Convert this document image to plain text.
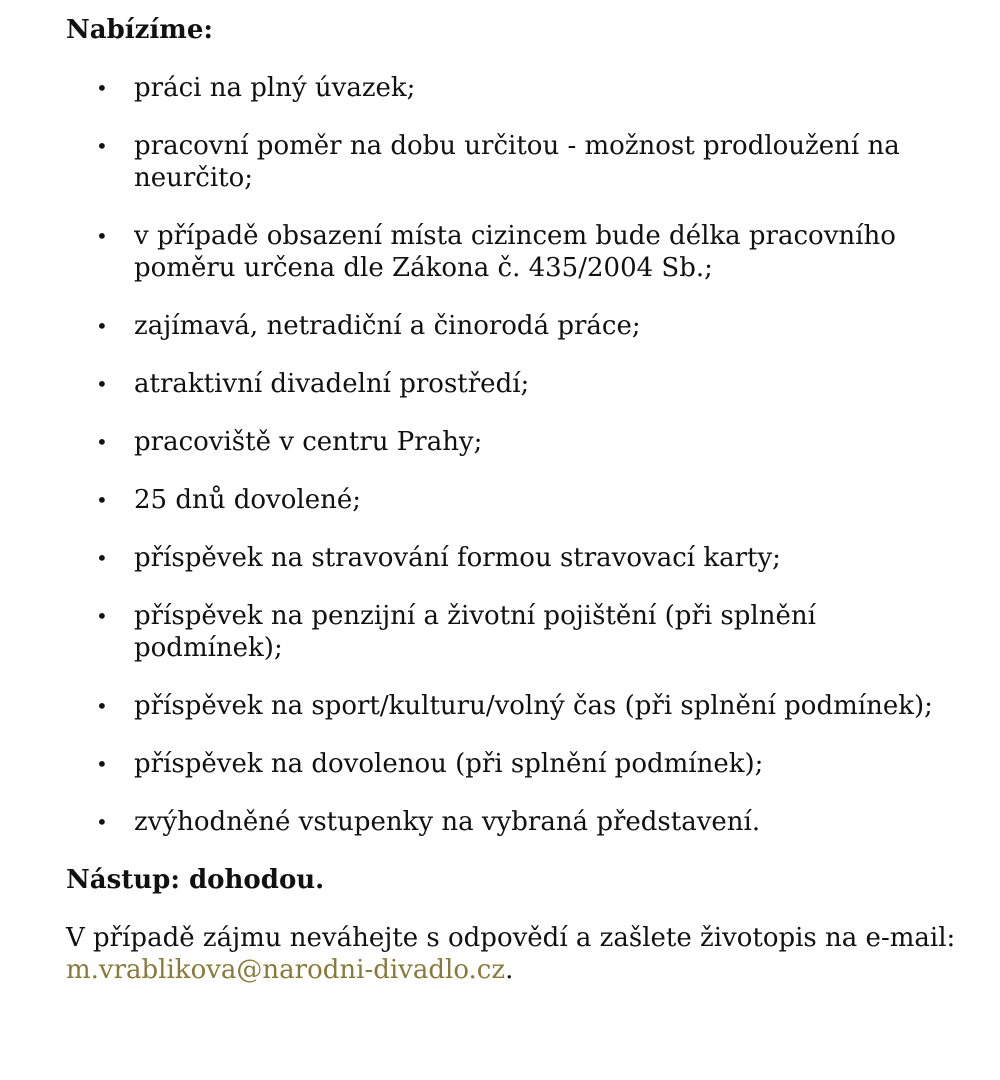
Nabízíme:

• práci na plný úvazek;
• pracovní poměr na dobu určitou - možnost prodloužení na neurčito;
• v případě obsazení místa cizincem bude délka pracovního poměru určena dle Zákona č. 435/2004 Sb.;
• zajímavá, netradiční a činorodá práce;
• atraktivní divadelní prostředí;
• pracoviště v centru Prahy;
• 25 dnů dovolené;
• příspěvek na stravování formou stravovací karty;
• příspěvek na penzijní a životní pojištění (při splnění podmínek);
• příspěvek na sport/kulturu/volný čas (při splnění podmínek);
• příspěvek na dovolenou (při splnění podmínek);
• zvýhodněné vstupenky na vybraná představení.

Nástup: dohodou.

V případě zájmu neváhejte s odpovědí a zašlete životopis na e-mail: m.vrablikova@narodni-divadlo.cz.
